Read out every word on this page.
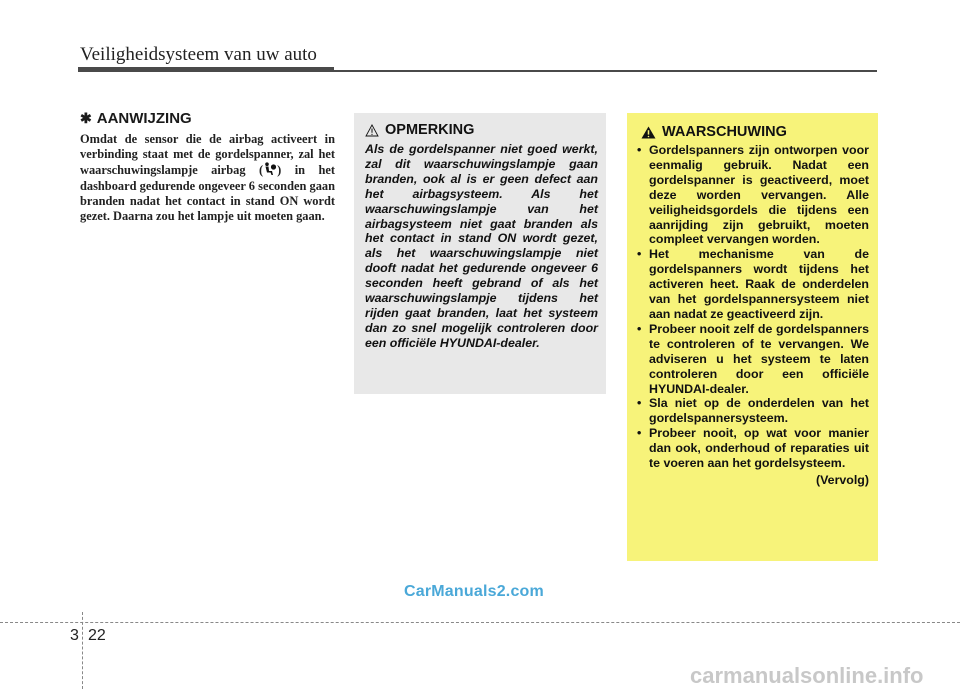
Veiligheidsysteem van uw auto
✱ AANWIJZING

Omdat de sensor die de airbag activeert in verbinding staat met de gordelspanner, zal het waarschuwingslampje airbag ( ) in het dashboard gedurende ongeveer 6 seconden gaan branden nadat het contact in stand ON wordt gezet. Daarna zou het lampje uit moeten gaan.

OPMERKING

Als de gordelspanner niet goed werkt, zal dit waarschuwingslampje gaan branden, ook al is er geen defect aan het airbagsysteem. Als het waarschuwingslampje van het airbagsysteem niet gaat branden als het contact in stand ON wordt gezet, als het waarschuwingslampje niet dooft nadat het gedurende ongeveer 6 seconden heeft gebrand of als het waarschuwingslampje tijdens het rijden gaat branden, laat het systeem dan zo snel mogelijk controleren door een officiële HYUNDAI-dealer.

WAARSCHUWING
• Gordelspanners zijn ontworpen voor eenmalig gebruik. Nadat een gordelspanner is geactiveerd, moet deze worden vervangen. Alle veiligheidsgordels die tijdens een aanrijding zijn gebruikt, moeten compleet vervangen worden.
• Het mechanisme van de gordelspanners wordt tijdens het activeren heet. Raak de onderdelen van het gordelspannersysteem niet aan nadat ze geactiveerd zijn.
• Probeer nooit zelf de gordelspanners te controleren of te vervangen. We adviseren u het systeem te laten controleren door een officiële HYUNDAI-dealer.
• Sla niet op de onderdelen van het gordelspannersysteem.
• Probeer nooit, op wat voor manier dan ook, onderhoud of reparaties uit te voeren aan het gordelsysteem.
(Vervolg)
CarManuals2.com
3 22
carmanualsonline.info
